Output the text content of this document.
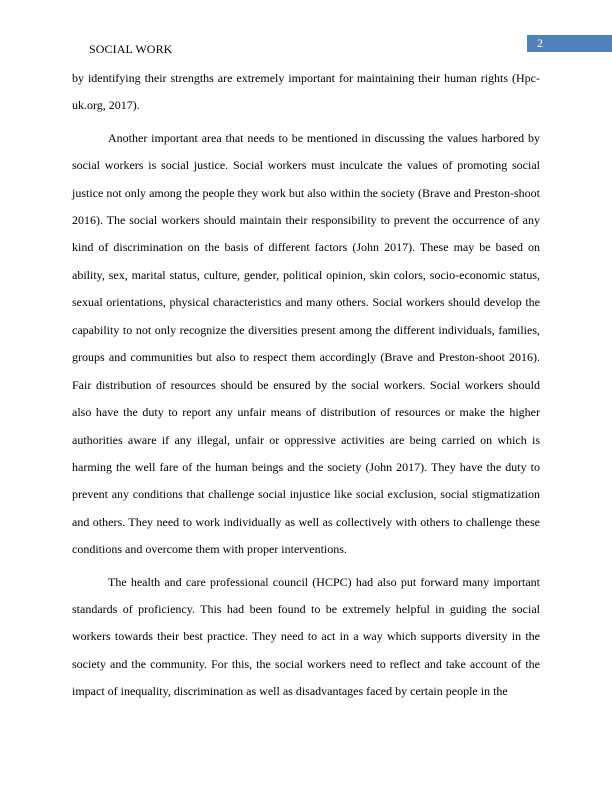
2
SOCIAL WORK

by identifying their strengths are extremely important for maintaining their human rights (Hpc-uk.org, 2017).

Another important area that needs to be mentioned in discussing the values harbored by social workers is social justice. Social workers must inculcate the values of promoting social justice not only among the people they work but also within the society (Brave and Preston-shoot 2016). The social workers should maintain their responsibility to prevent the occurrence of any kind of discrimination on the basis of different factors (John 2017). These may be based on ability, sex, marital status, culture, gender, political opinion, skin colors, socio-economic status, sexual orientations, physical characteristics and many others. Social workers should develop the capability to not only recognize the diversities present among the different individuals, families, groups and communities but also to respect them accordingly (Brave and Preston-shoot 2016). Fair distribution of resources should be ensured by the social workers. Social workers should also have the duty to report any unfair means of distribution of resources or make the higher authorities aware if any illegal, unfair or oppressive activities are being carried on which is harming the well fare of the human beings and the society (John 2017). They have the duty to prevent any conditions that challenge social injustice like social exclusion, social stigmatization and others. They need to work individually as well as collectively with others to challenge these conditions and overcome them with proper interventions.

The health and care professional council (HCPC) had also put forward many important standards of proficiency. This had been found to be extremely helpful in guiding the social workers towards their best practice. They need to act in a way which supports diversity in the society and the community. For this, the social workers need to reflect and take account of the impact of inequality, discrimination as well as disadvantages faced by certain people in the
